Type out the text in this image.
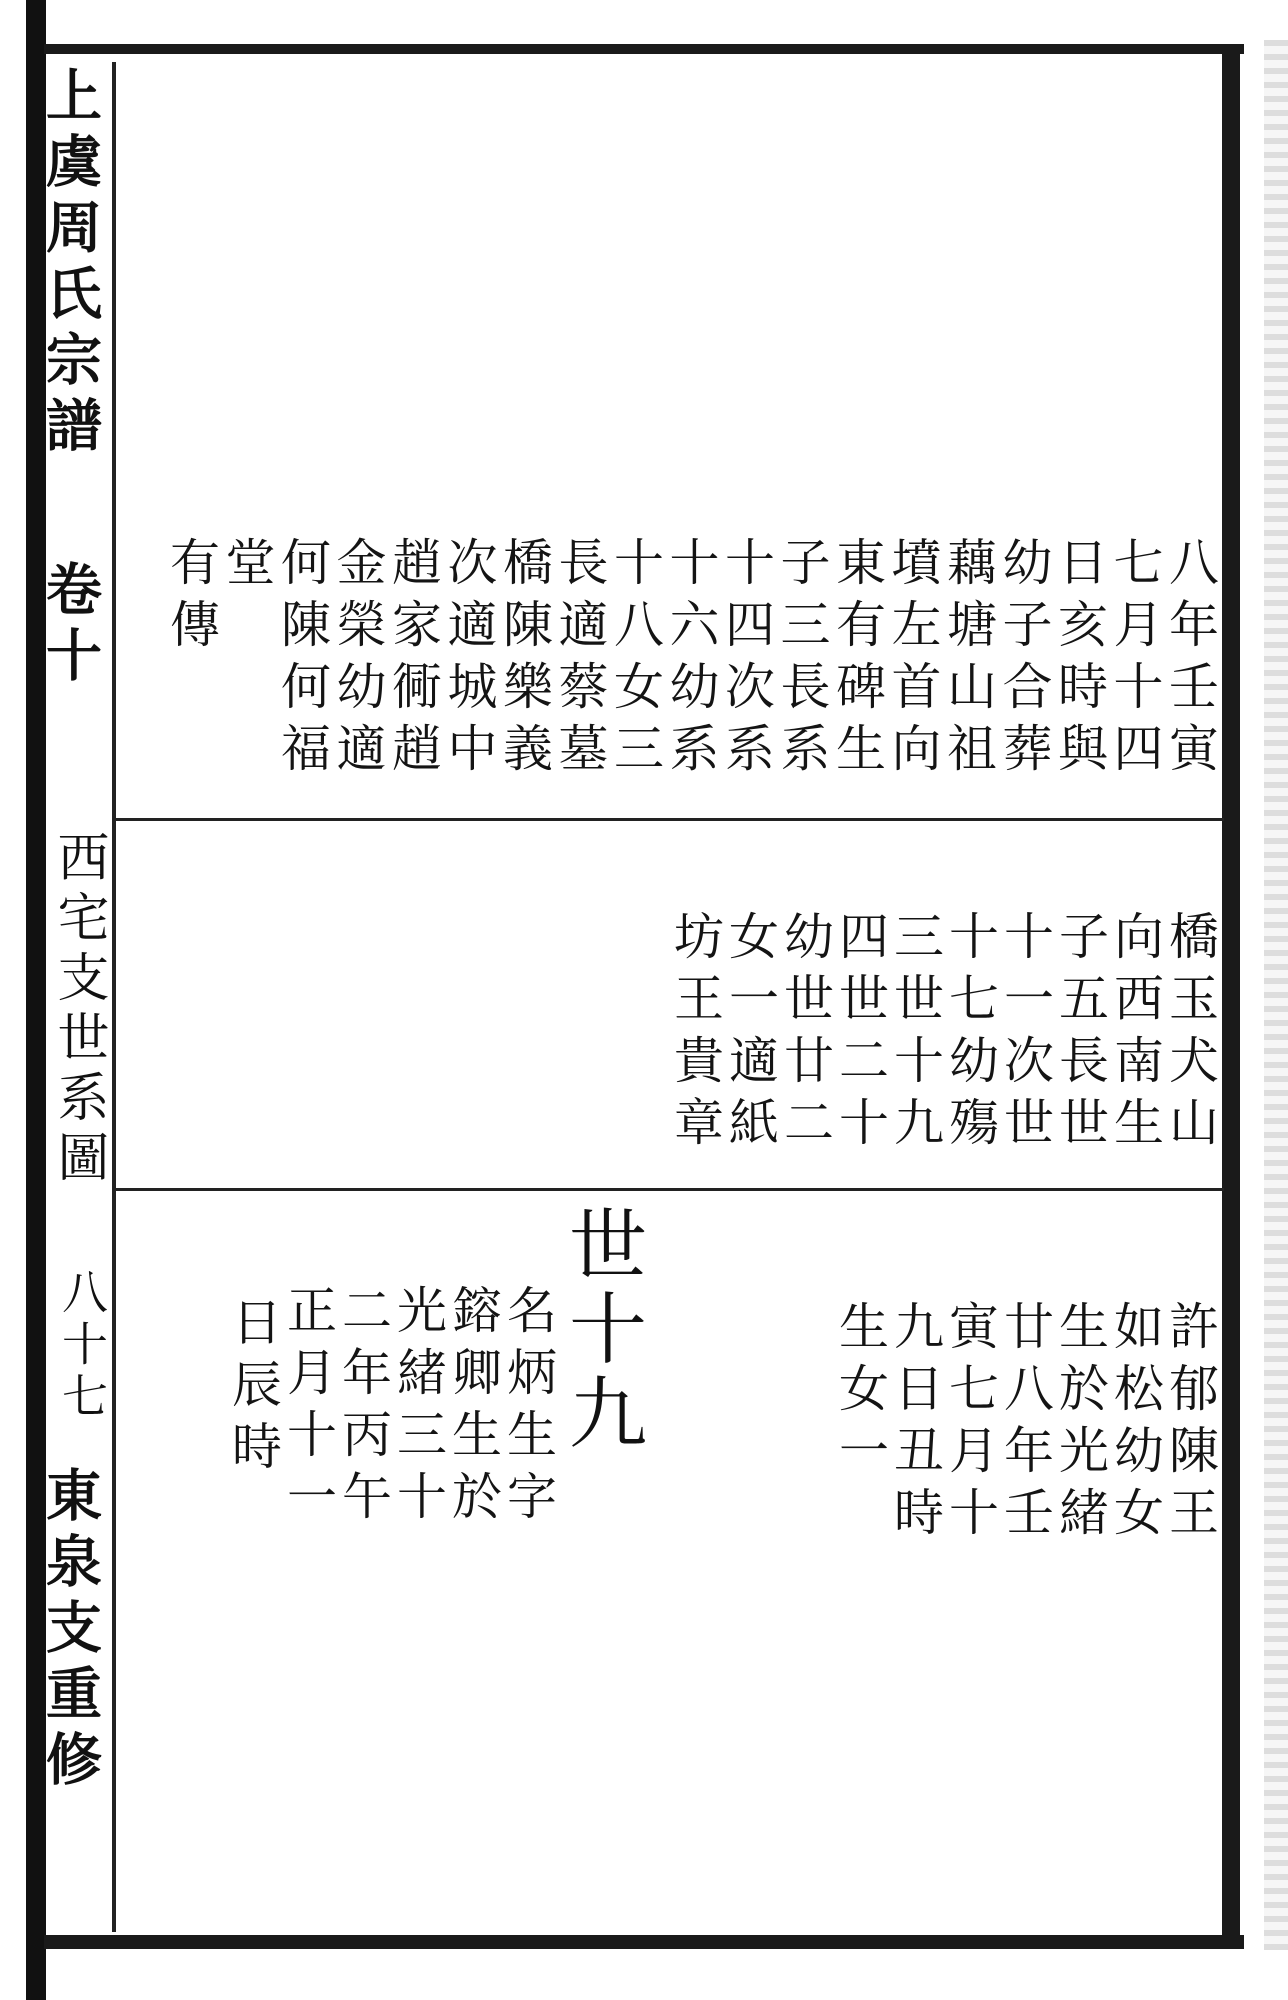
上虞周氏宗譜
卷十
西宅支世系圖
八十七
東泉支重修
八年壬寅
七月十四
日亥時與
幼子合葬
藕塘山祖
墳左首向
東有碑生
子三長系
十四次系
十六幼系
十八女三
長適蔡墓
橋陳樂義
次適城中
趙家衕趙
金榮幼適
何陳何福
堂
有傳
橋玉犬山
向西南生
子五長世
十一次世
十七幼殤
三世十九
四世二十
幼世廿二
女一適紙
坊王貴章
世十九	許郁陳王
如松幼女
生於光緒
廿八年壬
寅七月十
九日丑時
生女一
名炳生字
鎔卿生於
光緒三十
二年丙午
正月十一
日辰時
